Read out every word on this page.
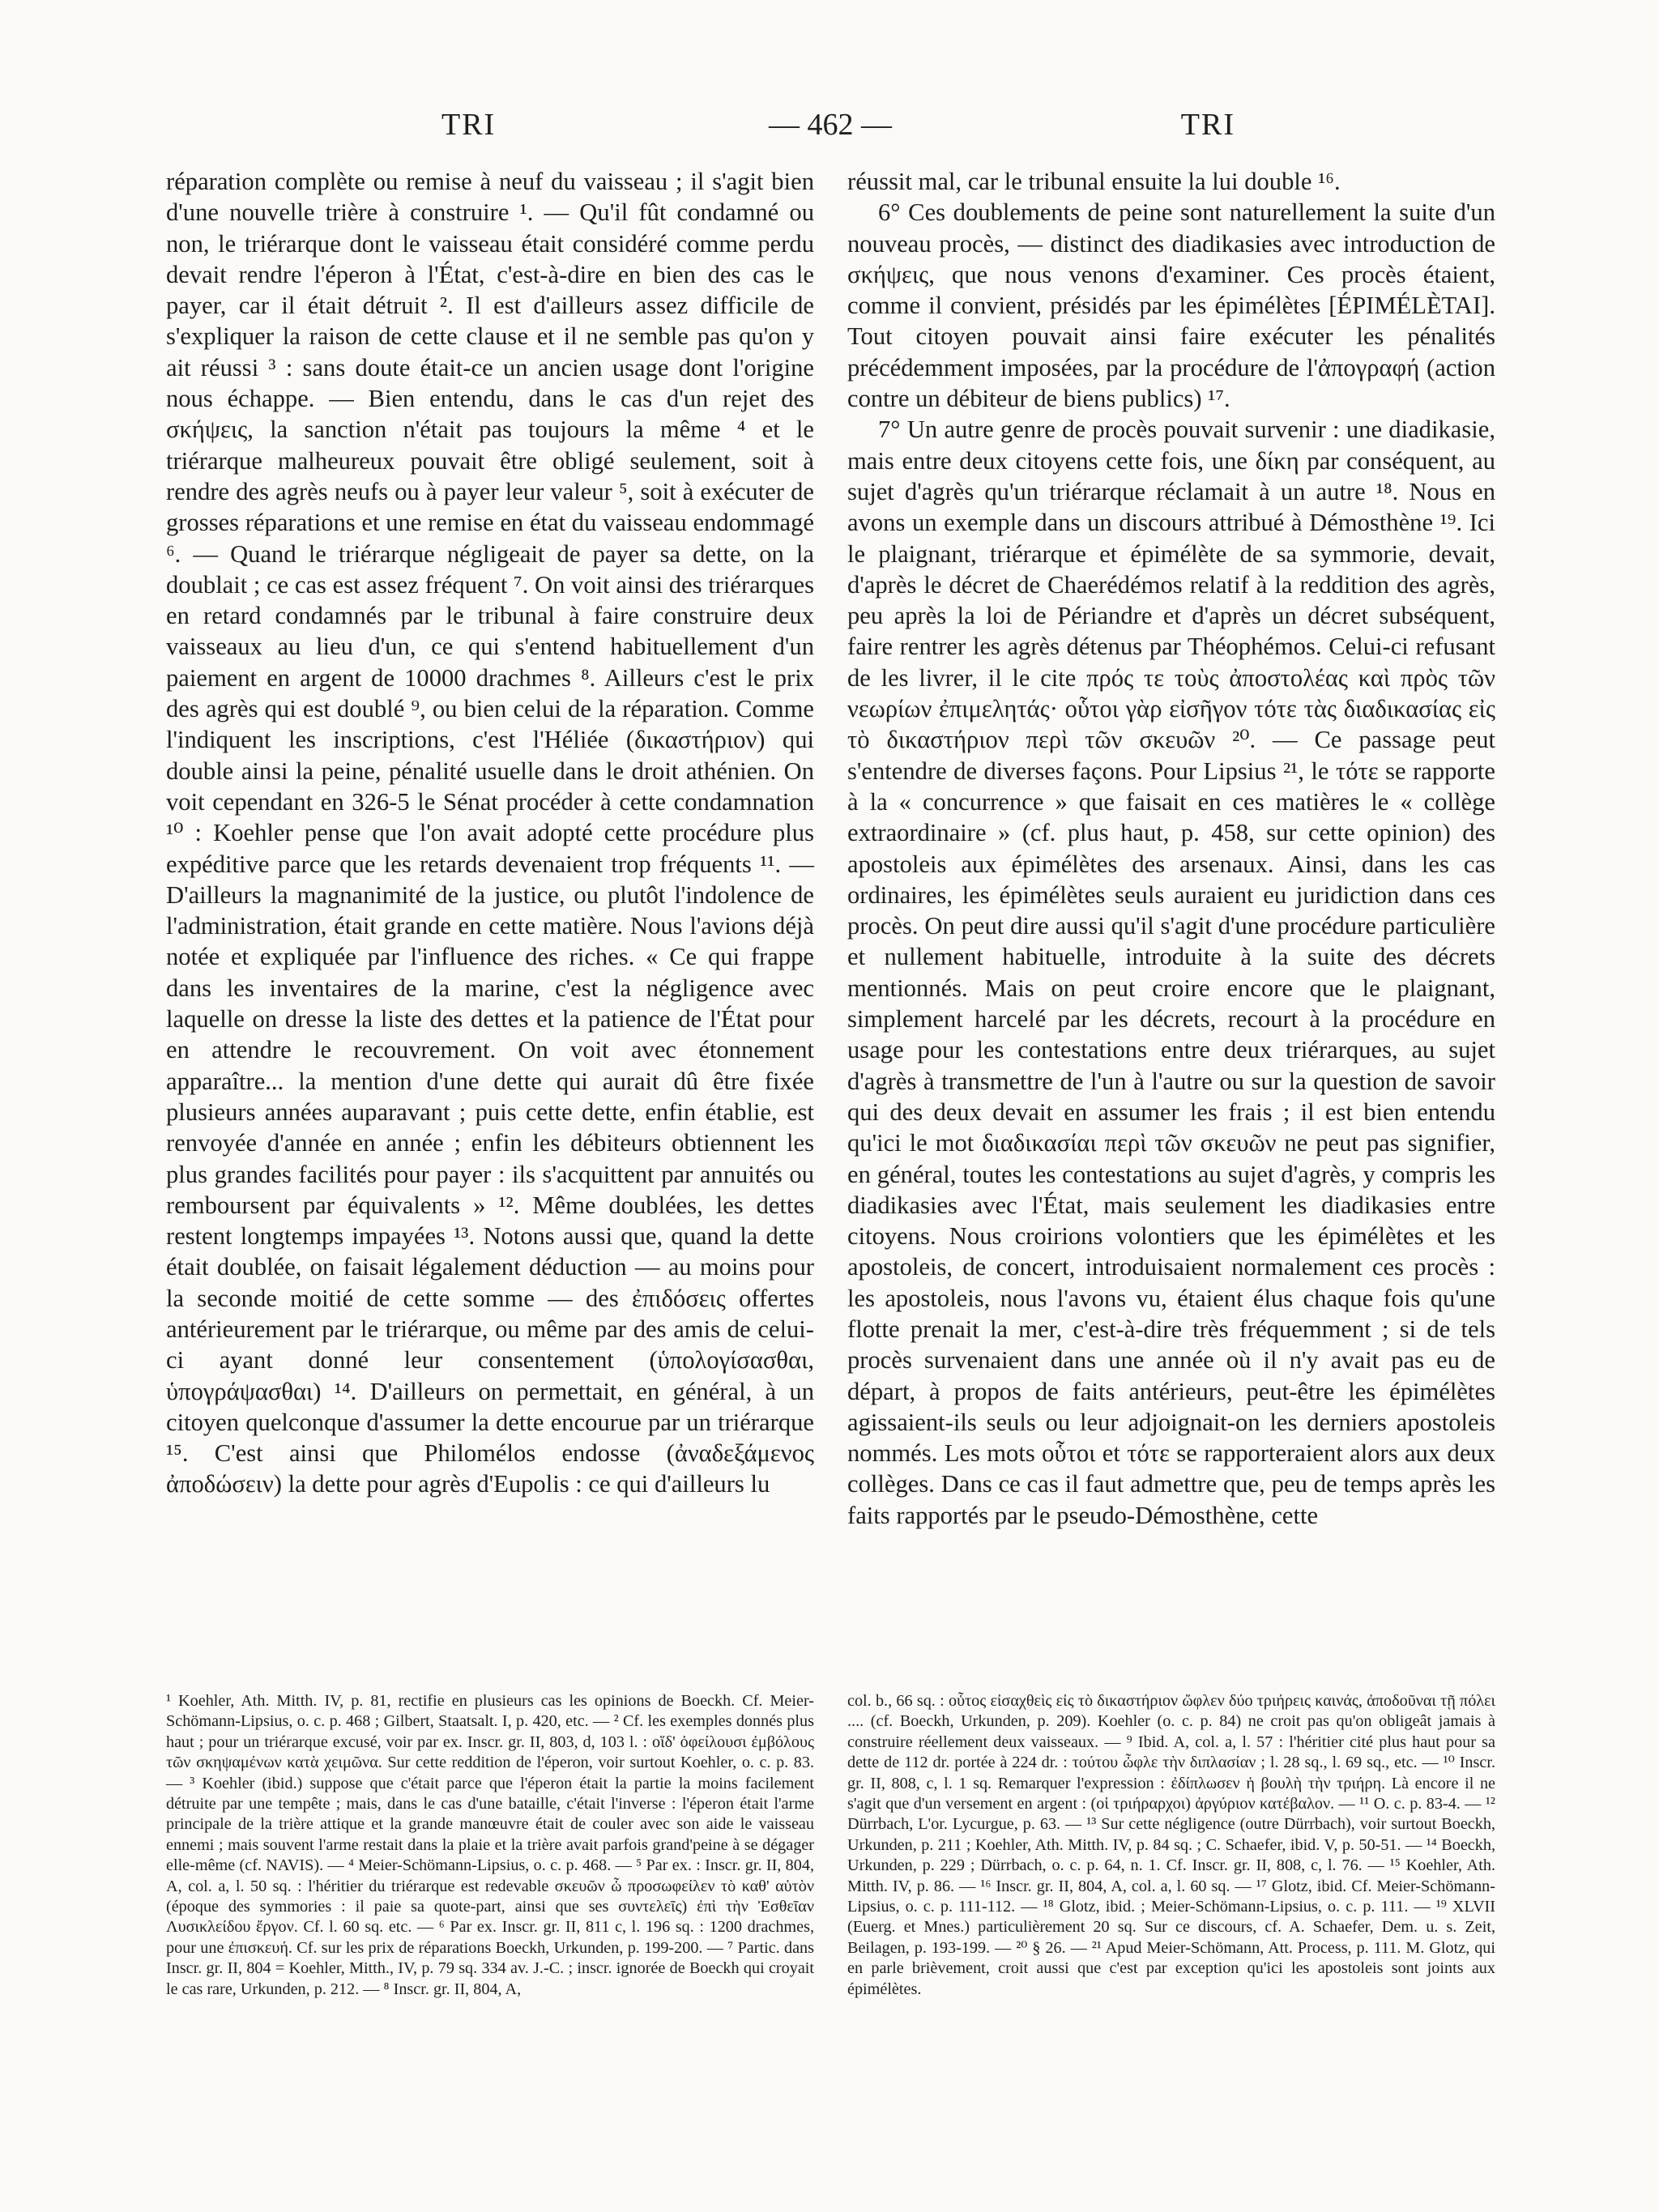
TRI	— 462 —	TRI

réparation complète ou remise à neuf du vaisseau ; il s'agit bien d'une nouvelle trière à construire ¹. — Qu'il fût condamné ou non, le triérarque dont le vaisseau était considéré comme perdu devait rendre l'éperon à l'État, c'est-à-dire en bien des cas le payer, car il était détruit ². Il est d'ailleurs assez difficile de s'expliquer la raison de cette clause et il ne semble pas qu'on y ait réussi ³ : sans doute était-ce un ancien usage dont l'origine nous échappe. — Bien entendu, dans le cas d'un rejet des σκήψεις, la sanction n'était pas toujours la même ⁴ et le triérarque malheureux pouvait être obligé seulement, soit à rendre des agrès neufs ou à payer leur valeur ⁵, soit à exécuter de grosses réparations et une remise en état du vaisseau endommagé ⁶. — Quand le triérarque négligeait de payer sa dette, on la doublait ; ce cas est assez fréquent ⁷. On voit ainsi des triérarques en retard condamnés par le tribunal à faire construire deux vaisseaux au lieu d'un, ce qui s'entend habituellement d'un paiement en argent de 10000 drachmes ⁸. Ailleurs c'est le prix des agrès qui est doublé ⁹, ou bien celui de la réparation. Comme l'indiquent les inscriptions, c'est l'Héliée (δικαστήριον) qui double ainsi la peine, pénalité usuelle dans le droit athénien. On voit cependant en 326-5 le Sénat procéder à cette condamnation ¹⁰ : Koehler pense que l'on avait adopté cette procédure plus expéditive parce que les retards devenaient trop fréquents ¹¹. — D'ailleurs la magnanimité de la justice, ou plutôt l'indolence de l'administration, était grande en cette matière. Nous l'avions déjà notée et expliquée par l'influence des riches. « Ce qui frappe dans les inventaires de la marine, c'est la négligence avec laquelle on dresse la liste des dettes et la patience de l'État pour en attendre le recouvrement. On voit avec étonnement apparaître... la mention d'une dette qui aurait dû être fixée plusieurs années auparavant ; puis cette dette, enfin établie, est renvoyée d'année en année ; enfin les débiteurs obtiennent les plus grandes facilités pour payer : ils s'acquittent par annuités ou remboursent par équivalents » ¹². Même doublées, les dettes restent longtemps impayées ¹³. Notons aussi que, quand la dette était doublée, on faisait légalement déduction — au moins pour la seconde moitié de cette somme — des ἐπιδόσεις offertes antérieurement par le triérarque, ou même par des amis de celui-ci ayant donné leur consentement (ὑπολογίσασθαι, ὑπογράψασθαι) ¹⁴. D'ailleurs on permettait, en général, à un citoyen quelconque d'assumer la dette encourue par un triérarque ¹⁵. C'est ainsi que Philomélos endosse (ἀναδεξάμενος ἀποδώσειν) la dette pour agrès d'Eupolis : ce qui d'ailleurs lu

réussit mal, car le tribunal ensuite la lui double ¹⁶.

6° Ces doublements de peine sont naturellement la suite d'un nouveau procès, — distinct des diadikasies avec introduction de σκήψεις, que nous venons d'examiner. Ces procès étaient, comme il convient, présidés par les épimélètes [ÉPIMÉLÈTAI]. Tout citoyen pouvait ainsi faire exécuter les pénalités précédemment imposées, par la procédure de l'ἀπογραφή (action contre un débiteur de biens publics) ¹⁷.

7° Un autre genre de procès pouvait survenir : une diadikasie, mais entre deux citoyens cette fois, une δίκη par conséquent, au sujet d'agrès qu'un triérarque réclamait à un autre ¹⁸. Nous en avons un exemple dans un discours attribué à Démosthène ¹⁹. Ici le plaignant, triérarque et épimélète de sa symmorie, devait, d'après le décret de Chaerédémos relatif à la reddition des agrès, peu après la loi de Périandre et d'après un décret subséquent, faire rentrer les agrès détenus par Théophémos. Celui-ci refusant de les livrer, il le cite πρός τε τοὺς ἀποστολέας καὶ πρὸς τῶν νεωρίων ἐπιμελητάς· οὗτοι γὰρ εἰσῆγον τότε τὰς διαδικασίας εἰς τὸ δικαστήριον περὶ τῶν σκευῶν ²⁰. — Ce passage peut s'entendre de diverses façons. Pour Lipsius ²¹, le τότε se rapporte à la « concurrence » que faisait en ces matières le « collège extraordinaire » (cf. plus haut, p. 458, sur cette opinion) des apostoleis aux épimélètes des arsenaux. Ainsi, dans les cas ordinaires, les épimélètes seuls auraient eu juridiction dans ces procès. On peut dire aussi qu'il s'agit d'une procédure particulière et nullement habituelle, introduite à la suite des décrets mentionnés. Mais on peut croire encore que le plaignant, simplement harcelé par les décrets, recourt à la procédure en usage pour les contestations entre deux triérarques, au sujet d'agrès à transmettre de l'un à l'autre ou sur la question de savoir qui des deux devait en assumer les frais ; il est bien entendu qu'ici le mot διαδικασίαι περὶ τῶν σκευῶν ne peut pas signifier, en général, toutes les contestations au sujet d'agrès, y compris les diadikasies avec l'État, mais seulement les diadikasies entre citoyens. Nous croirions volontiers que les épimélètes et les apostoleis, de concert, introduisaient normalement ces procès : les apostoleis, nous l'avons vu, étaient élus chaque fois qu'une flotte prenait la mer, c'est-à-dire très fréquemment ; si de tels procès survenaient dans une année où il n'y avait pas eu de départ, à propos de faits antérieurs, peut-être les épimélètes agissaient-ils seuls ou leur adjoignait-on les derniers apostoleis nommés. Les mots οὗτοι et τότε se rapporteraient alors aux deux collèges. Dans ce cas il faut admettre que, peu de temps après les faits rapportés par le pseudo-Démosthène, cette

¹ Koehler, Ath. Mitth. IV, p. 81, rectifie en plusieurs cas les opinions de Boeckh. Cf. Meier-Schömann-Lipsius, o. c. p. 468 ; Gilbert, Staatsalt. I, p. 420, etc. — ² Cf. les exemples donnés plus haut ; pour un triérarque excusé, voir par ex. Inscr. gr. II, 803, d, 103 l. : οἵδ' ὀφείλουσι ἐμβόλους τῶν σκηψαμένων κατὰ χειμῶνα. Sur cette reddition de l'éperon, voir surtout Koehler, o. c. p. 83. — ³ Koehler (ibid.) suppose que c'était parce que l'éperon était la partie la moins facilement détruite par une tempête ; mais, dans le cas d'une bataille, c'était l'inverse : l'éperon était l'arme principale de la trière attique et la grande manœuvre était de couler avec son aide le vaisseau ennemi ; mais souvent l'arme restait dans la plaie et la trière avait parfois grand'peine à se dégager elle-même (cf. NAVIS). — ⁴ Meier-Schömann-Lipsius, o. c. p. 468. — ⁵ Par ex. : Inscr. gr. II, 804, A, col. a, l. 50 sq. : l'héritier du triérarque est redevable σκευῶν ὧ προσωφείλεν τὸ καθ' αὑτὸν (époque des symmories : il paie sa quote-part, ainsi que ses συντελεῖς) ἐπὶ τὴν Ἐσθεῖαν Λυσικλείδου ἔργον. Cf. l. 60 sq. etc. — ⁶ Par ex. Inscr. gr. II, 811 c, l. 196 sq. : 1200 drachmes, pour une ἐπισκευή. Cf. sur les prix de réparations Boeckh, Urkunden, p. 199-200. — ⁷ Partic. dans Inscr. gr. II, 804 = Koehler, Mitth., IV, p. 79 sq. 334 av. J.-C. ; inscr. ignorée de Boeckh qui croyait le cas rare, Urkunden, p. 212. — ⁸ Inscr. gr. II, 804, A,

col. b., 66 sq. : οὗτος εἰσαχθεὶς εἰς τὸ δικαστήριον ὤφλεν δύο τριήρεις καινάς, ἀποδοῦναι τῇ πόλει .... (cf. Boeckh, Urkunden, p. 209). Koehler (o. c. p. 84) ne croit pas qu'on obligeât jamais à construire réellement deux vaisseaux. — ⁹ Ibid. A, col. a, l. 57 : l'héritier cité plus haut pour sa dette de 112 dr. portée à 224 dr. : τούτου ὦφλε τὴν διπλασίαν ; l. 28 sq., l. 69 sq., etc. — ¹⁰ Inscr. gr. II, 808, c, l. 1 sq. Remarquer l'expression : ἐδίπλωσεν ἡ βουλὴ τὴν τριήρη. Là encore il ne s'agit que d'un versement en argent : (οἱ τριήραρχοι) ἀργύριον κατέβαλον. — ¹¹ O. c. p. 83-4. — ¹² Dürrbach, L'or. Lycurgue, p. 63. — ¹³ Sur cette négligence (outre Dürrbach), voir surtout Boeckh, Urkunden, p. 211 ; Koehler, Ath. Mitth. IV, p. 84 sq. ; C. Schaefer, ibid. V, p. 50-51. — ¹⁴ Boeckh, Urkunden, p. 229 ; Dürrbach, o. c. p. 64, n. 1. Cf. Inscr. gr. II, 808, c, l. 76. — ¹⁵ Koehler, Ath. Mitth. IV, p. 86. — ¹⁶ Inscr. gr. II, 804, A, col. a, l. 60 sq. — ¹⁷ Glotz, ibid. Cf. Meier-Schömann-Lipsius, o. c. p. 111-112. — ¹⁸ Glotz, ibid. ; Meier-Schömann-Lipsius, o. c. p. 111. — ¹⁹ XLVII (Euerg. et Mnes.) particulièrement 20 sq. Sur ce discours, cf. A. Schaefer, Dem. u. s. Zeit, Beilagen, p. 193-199. — ²⁰ § 26. — ²¹ Apud Meier-Schömann, Att. Process, p. 111. M. Glotz, qui en parle brièvement, croit aussi que c'est par exception qu'ici les apostoleis sont joints aux épimélètes.
